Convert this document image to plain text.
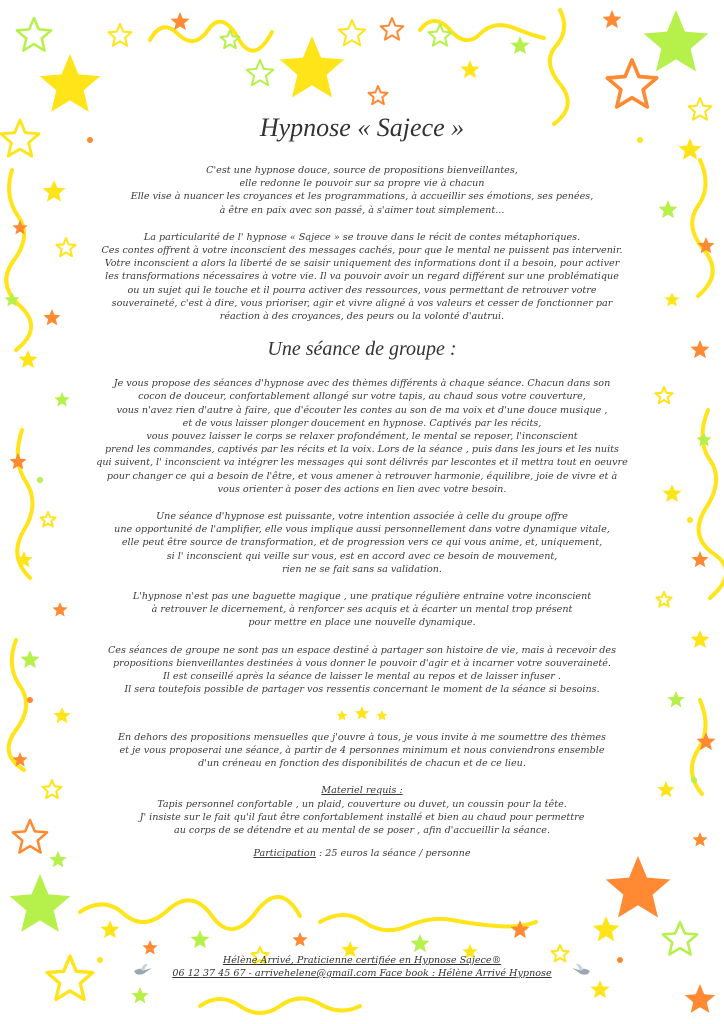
Hypnose « Sajece »
C'est une hypnose douce, source de propositions bienveillantes,
elle redonne le pouvoir sur sa propre vie à chacun
Elle vise à nuancer les croyances et les programmations, à accueillir ses émotions, ses penées,
à être en paix avec son passé, à s'aimer tout simplement...
La particularité de l' hypnose « Sajece » se trouve dans le récit de contes métaphoriques.
Ces contes offrent à votre inconscient des messages cachés, pour que le mental ne puissent pas intervenir.
Votre inconscient a alors la liberté de se saisir uniquement des informations dont il a besoin, pour activer
les transformations nécessaires à votre vie. Il va pouvoir avoir un regard différent sur une problématique
ou un sujet qui le touche et il pourra activer des ressources, vous permettant de retrouver votre
souveraineté, c'est à dire, vous prioriser, agir et vivre aligné à vos valeurs et cesser de fonctionner par
réaction à des croyances, des peurs ou la volonté d'autrui.
Une séance de groupe :
Je vous propose des séances d'hypnose avec des thèmes différents à chaque séance. Chacun dans son
cocon de douceur, confortablement allongé sur votre tapis, au chaud sous votre couverture,
vous n'avez rien d'autre à faire, que d'écouter les contes au son de ma voix et d'une douce musique ,
et de vous laisser plonger doucement en hypnose. Captivés par les récits,
vous pouvez laisser le corps se relaxer profondément, le mental se reposer, l'inconscient
prend les commandes, captivés par les récits et la voix. Lors de la séance , puis dans les jours et les nuits
qui suivent, l' inconscient va intégrer les messages qui sont délivrés par lescontes et il mettra tout en oeuvre
pour changer ce qui a besoin de l'être, et vous amener à retrouver harmonie, équilibre, joie de vivre et à
vous orienter à poser des actions en lien avec votre besoin.
Une séance d'hypnose est puissante, votre intention associée à celle du groupe offre
une opportunité de l'amplifier, elle vous implique aussi personnellement dans votre dynamique vitale,
elle peut être source de transformation, et de progression vers ce qui vous anime, et, uniquement,
si l' inconscient qui veille sur vous, est en accord avec ce besoin de mouvement,
rien ne se fait sans sa validation.
L'hypnose n'est pas une baguette magique , une pratique régulière entraine votre inconscient
à retrouver le dicernement, à renforcer ses acquis et à écarter un mental trop présent
pour mettre en place une nouvelle dynamique.
Ces séances de groupe ne sont pas un espace destiné à partager son histoire de vie, mais à recevoir des
propositions bienveillantes destinées à vous donner le pouvoir d'agir et à incarner votre souveraineté.
Il est conseillé après la séance de laisser le mental au repos et de laisser infuser .
Il sera toutefois possible de partager vos ressentis concernant le moment de la séance si besoins.
En dehors des propositions mensuelles que j'ouvre à tous, je vous invite à me soumettre des thèmes
et je vous proposerai une séance, à partir de 4 personnes minimum et nous conviendrons ensemble
d'un créneau en fonction des disponibilités de chacun et de ce lieu.
Materiel requis :
Tapis personnel confortable , un plaid, couverture ou duvet, un coussin pour la tête.
J' insiste sur le fait qu'il faut être confortablement installé et bien au chaud pour permettre
au corps de se détendre et au mental de se poser , afin d'accueillir la séance.
Participation : 25 euros la séance / personne
Hélène Arrivé, Praticienne certifiée en Hypnose Sajece®
06 12 37 45 67 - arrivehelene@gmail.com Face book : Hélène Arrivé Hypnose
